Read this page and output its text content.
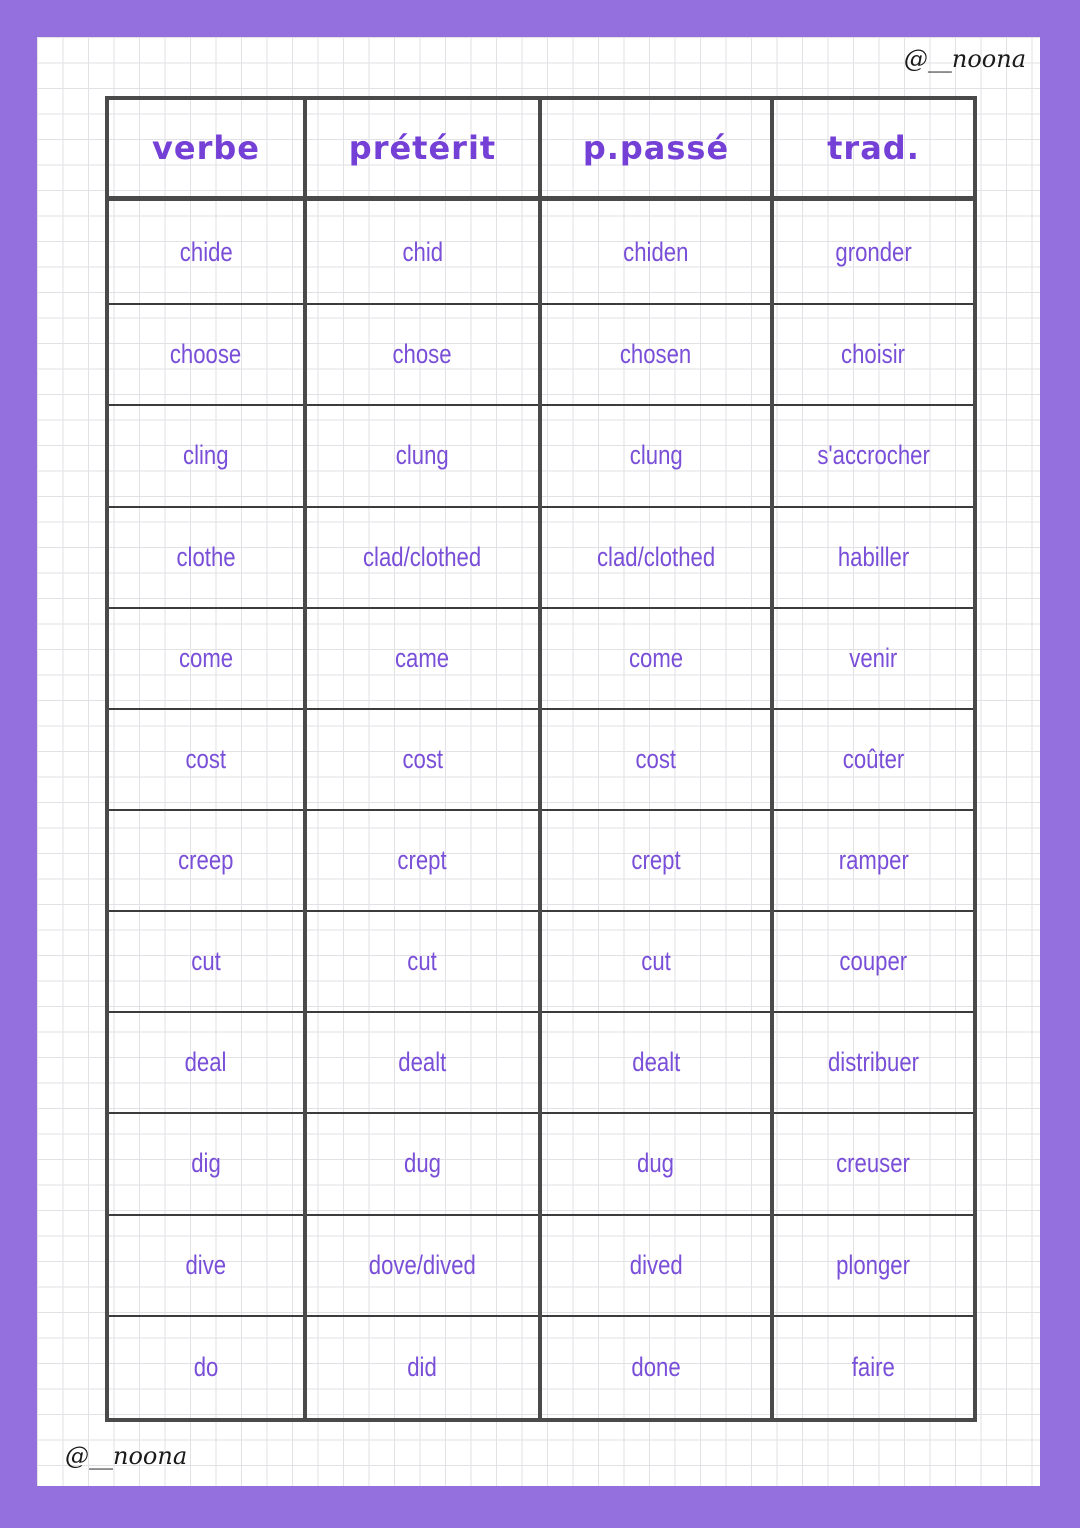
@__noona
verbe	prétérit	p.passé	trad.
chide	chid	chiden	gronder
choose	chose	chosen	choisir
cling	clung	clung	s'accrocher
clothe	clad/clothed	clad/clothed	habiller
come	came	come	venir
cost	cost	cost	coûter
creep	crept	crept	ramper
cut	cut	cut	couper
deal	dealt	dealt	distribuer
dig	dug	dug	creuser
dive	dove/dived	dived	plonger
do	did	done	faire
@__noona
